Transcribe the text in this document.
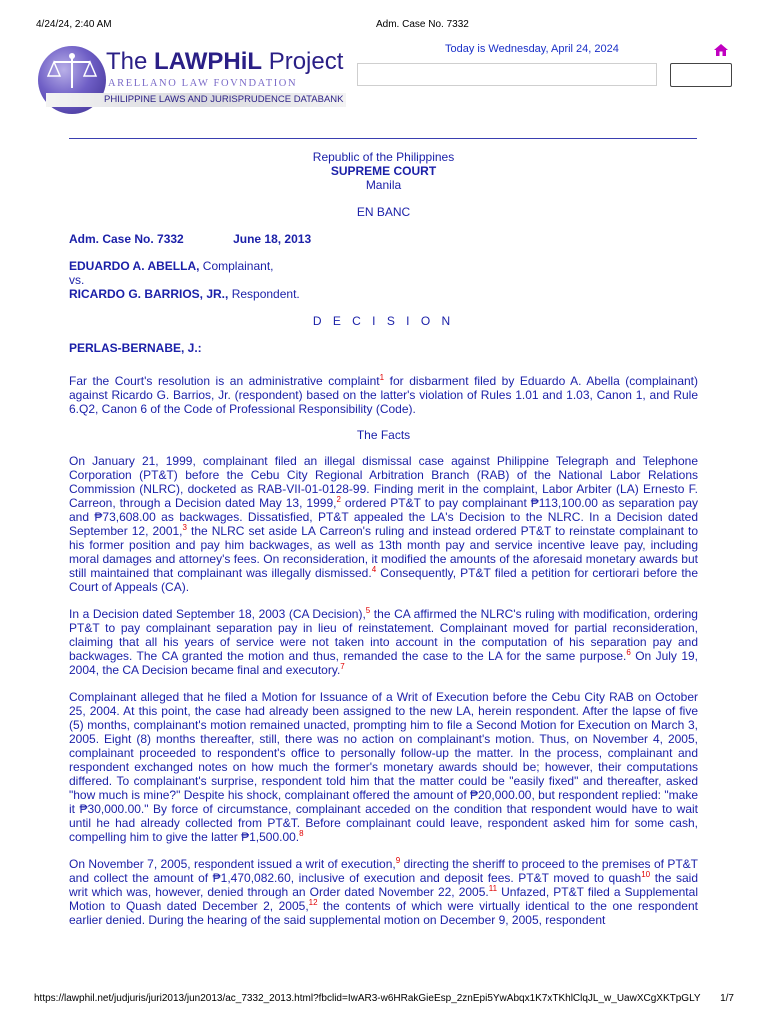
4/24/24, 2:40 AM	Adm. Case No. 7332
The LAWPHiL Project
ARELLANO LAW FOVNDATION
PHILIPPINE LAWS AND JURISPRUDENCE DATABANK
Today is Wednesday, April 24, 2024

Republic of the Philippines

SUPREME COURT

Manila

EN BANC

Adm. Case No. 7332	June 18, 2013

EDUARDO A. ABELLA, Complainant,

vs.

RICARDO G. BARRIOS, JR., Respondent.

D E C I S I O N

PERLAS-BERNABE, J.:

Far the Court's resolution is an administrative complaint$^1$ for disbarment filed by Eduardo A. Abella (complainant) against Ricardo G. Barrios, Jr. (respondent) based on the latter's violation of Rules 1.01 and 1.03, Canon 1, and Rule 6.Q2, Canon 6 of the Code of Professional Responsibility (Code).

The Facts

On January 21, 1999, complainant filed an illegal dismissal case against Philippine Telegraph and Telephone Corporation (PT&T) before the Cebu City Regional Arbitration Branch (RAB) of the National Labor Relations Commission (NLRC), docketed as RAB-VII-01-0128-99. Finding merit in the complaint, Labor Arbiter (LA) Ernesto F. Carreon, through a Decision dated May 13, 1999,$^2$ ordered PT&T to pay complainant ₱113,100.00 as separation pay and ₱73,608.00 as backwages. Dissatisfied, PT&T appealed the LA's Decision to the NLRC. In a Decision dated September 12, 2001,$^3$ the NLRC set aside LA Carreon's ruling and instead ordered PT&T to reinstate complainant to his former position and pay him backwages, as well as 13th month pay and service incentive leave pay, including moral damages and attorney's fees. On reconsideration, it modified the amounts of the aforesaid monetary awards but still maintained that complainant was illegally dismissed.$^4$ Consequently, PT&T filed a petition for certiorari before the Court of Appeals (CA).

In a Decision dated September 18, 2003 (CA Decision),$^5$ the CA affirmed the NLRC's ruling with modification, ordering PT&T to pay complainant separation pay in lieu of reinstatement. Complainant moved for partial reconsideration, claiming that all his years of service were not taken into account in the computation of his separation pay and backwages. The CA granted the motion and thus, remanded the case to the LA for the same purpose.$^6$ On July 19, 2004, the CA Decision became final and executory.$^7$

Complainant alleged that he filed a Motion for Issuance of a Writ of Execution before the Cebu City RAB on October 25, 2004. At this point, the case had already been assigned to the new LA, herein respondent. After the lapse of five (5) months, complainant's motion remained unacted, prompting him to file a Second Motion for Execution on March 3, 2005. Eight (8) months thereafter, still, there was no action on complainant's motion. Thus, on November 4, 2005, complainant proceeded to respondent's office to personally follow-up the matter. In the process, complainant and respondent exchanged notes on how much the former's monetary awards should be; however, their computations differed. To complainant's surprise, respondent told him that the matter could be "easily fixed" and thereafter, asked "how much is mine?" Despite his shock, complainant offered the amount of ₱20,000.00, but respondent replied: "make it ₱30,000.00." By force of circumstance, complainant acceded on the condition that respondent would have to wait until he had already collected from PT&T. Before complainant could leave, respondent asked him for some cash, compelling him to give the latter ₱1,500.00.$^8$

On November 7, 2005, respondent issued a writ of execution,$^9$ directing the sheriff to proceed to the premises of PT&T and collect the amount of ₱1,470,082.60, inclusive of execution and deposit fees. PT&T moved to quash$^{10}$ the said writ which was, however, denied through an Order dated November 22, 2005.11 Unfazed, PT&T filed a Supplemental Motion to Quash dated December 2, 2005,12 the contents of which were virtually identical to the one respondent earlier denied. During the hearing of the said supplemental motion on December 9, 2005, respondent

https://lawphil.net/judjuris/juri2013/jun2013/ac_7332_2013.html?fbclid=IwAR3-w6HRakGieEsp_2znEpi5YwAbqx1K7xTKhlClqJL_w_UawXCgXKTpGLY 1/7
